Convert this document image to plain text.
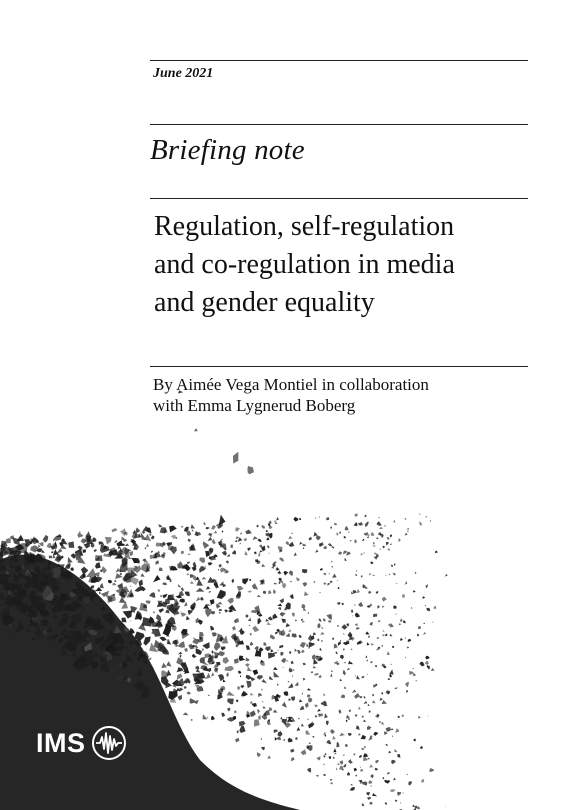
June 2021
Briefing note
Regulation, self-regulation
and co-regulation in media
and gender equality
By Aimée Vega Montiel in collaboration
with Emma Lygnerud Boberg
IMS
